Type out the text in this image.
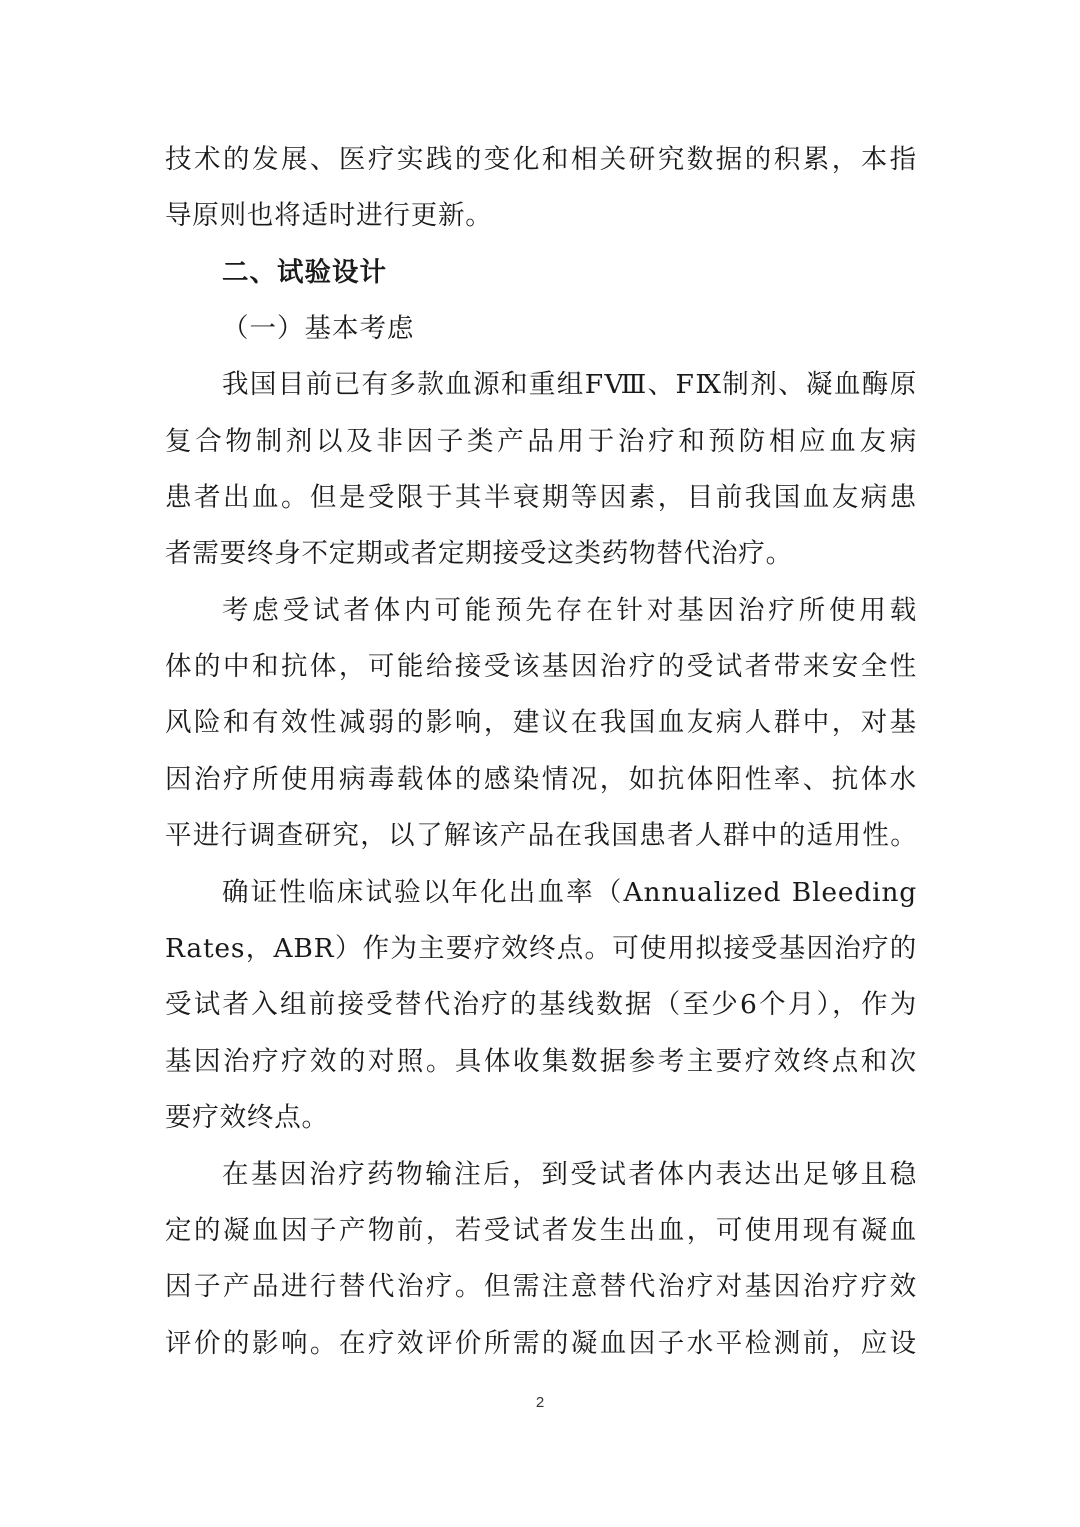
技术的发展、医疗实践的变化和相关研究数据的积累，本指
导原则也将适时进行更新。
二、试验设计
（一）基本考虑
我国目前已有多款血源和重组FⅧ、FⅨ制剂、凝血酶原
复合物制剂以及非因子类产品用于治疗和预防相应血友病
患者出血。但是受限于其半衰期等因素，目前我国血友病患
者需要终身不定期或者定期接受这类药物替代治疗。
考虑受试者体内可能预先存在针对基因治疗所使用载
体的中和抗体，可能给接受该基因治疗的受试者带来安全性
风险和有效性减弱的影响，建议在我国血友病人群中，对基
因治疗所使用病毒载体的感染情况，如抗体阳性率、抗体水
平进行调查研究，以了解该产品在我国患者人群中的适用性。
确证性临床试验以年化出血率（Annualized Bleeding
Rates，ABR）作为主要疗效终点。可使用拟接受基因治疗的
受试者入组前接受替代治疗的基线数据（至少6个月），作为
基因治疗疗效的对照。具体收集数据参考主要疗效终点和次
要疗效终点。
在基因治疗药物输注后，到受试者体内表达出足够且稳
定的凝血因子产物前，若受试者发生出血，可使用现有凝血
因子产品进行替代治疗。但需注意替代治疗对基因治疗疗效
评价的影响。在疗效评价所需的凝血因子水平检测前，应设
2
